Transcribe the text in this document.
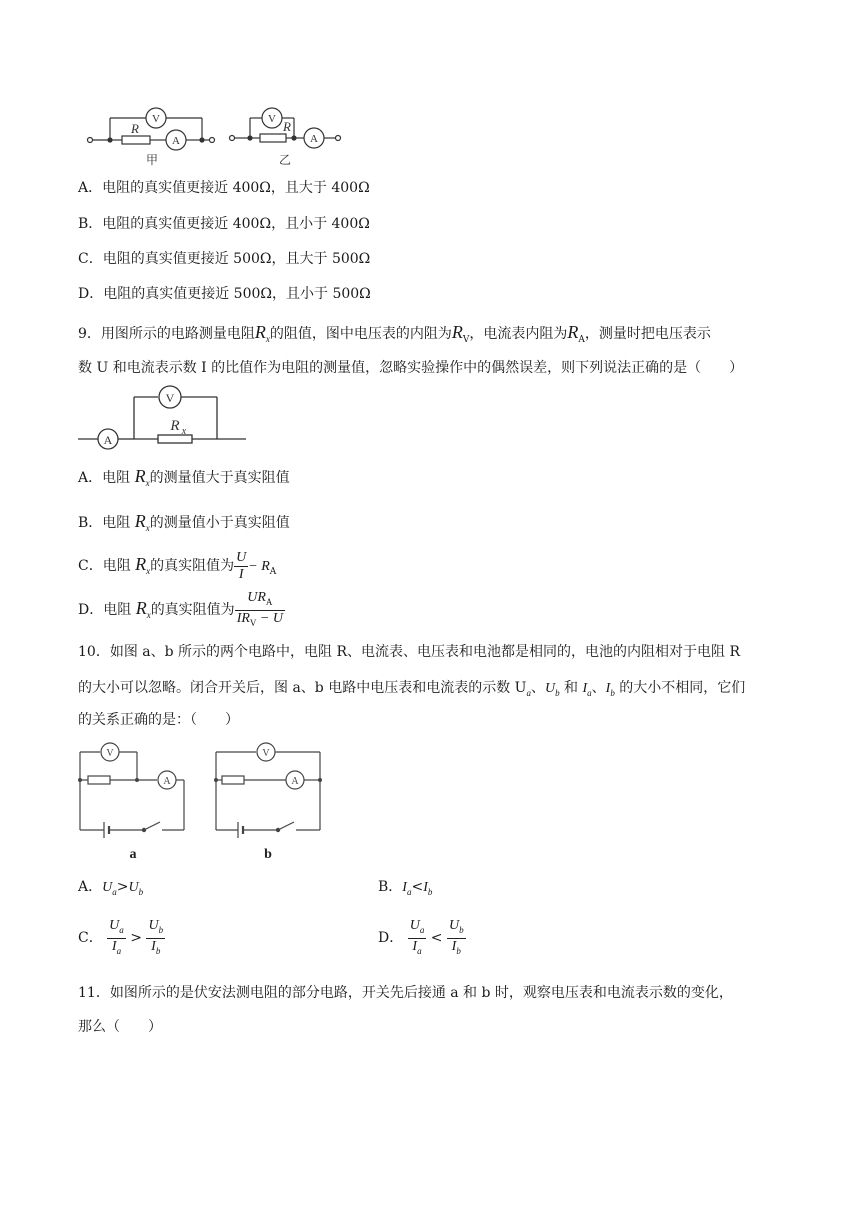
V
A
R
甲
V
A
R
乙
A．电阻的真实值更接近 400Ω，且大于 400Ω
B．电阻的真实值更接近 400Ω，且小于 400Ω
C．电阻的真实值更接近 500Ω，且大于 500Ω
D．电阻的真实值更接近 500Ω，且小于 500Ω
9．用图所示的电路测量电阻$R_x$的阻值，图中电压表的内阻为$R_V$，电流表内阻为$R_A$，测量时把电压表示
数 U 和电流表示数 I 的比值作为电阻的测量值，忽略实验操作中的偶然误差，则下列说法正确的是（　　）
V
A
R x
A．电阻 $R_x$的测量值大于真实阻值
B．电阻 $R_x$的测量值小于真实阻值
C．电阻 $R_x$的真实阻值为 $\frac{U}{I} - R_A$
D．电阻 $R_x$的真实阻值为 $\frac{UR_A}{IR_V - U}$
10．如图 a、b 所示的两个电路中，电阻 R、电流表、电压表和电池都是相同的，电池的内阻相对于电阻 R
的大小可以忽略。闭合开关后，图 a、b 电路中电压表和电流表的示数 $U_a$、$U_b$ 和 $I_a$、$I_b$ 的大小不相同，它们
的关系正确的是：（　　）
V
A
a
V
A
b
A．$U_a>U_b$	B．$I_a<I_b$
C． $\frac{U_a}{I_a} > \frac{U_b}{I_b}$	D． $\frac{U_a}{I_a} < \frac{U_b}{I_b}$
11．如图所示的是伏安法测电阻的部分电路，开关先后接通 a 和 b 时，观察电压表和电流表示数的变化，
那么（　　）
